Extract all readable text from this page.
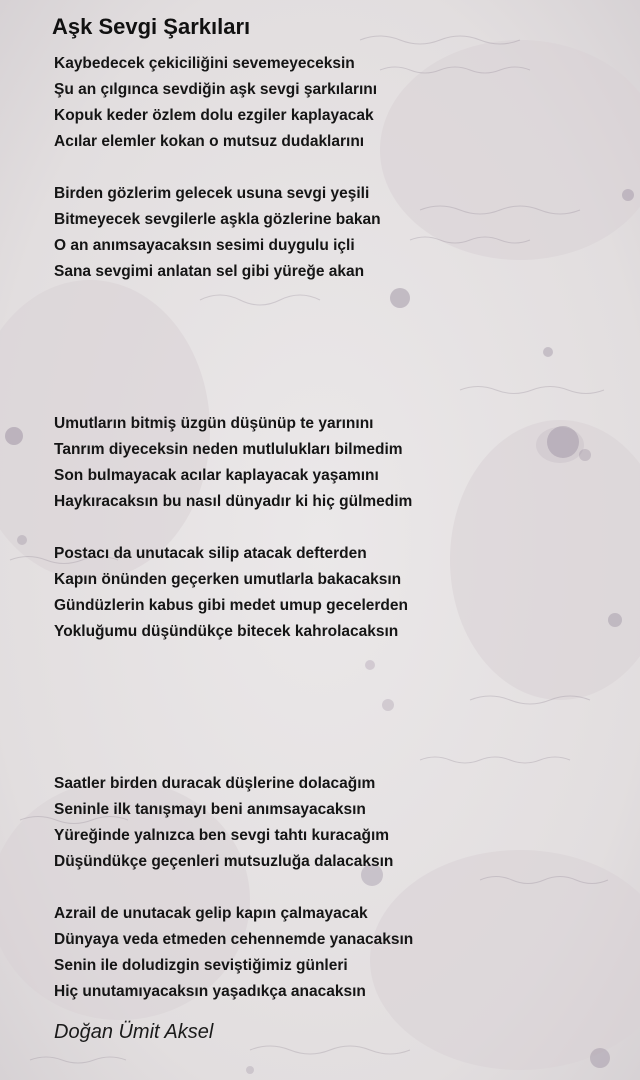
Aşk Sevgi Şarkıları
Kaybedecek çekiciliğini sevemeyeceksin
Şu an çılgınca sevdiğin aşk sevgi şarkılarını
Kopuk keder özlem dolu ezgiler kaplayacak
Acılar elemler kokan o mutsuz dudaklarını
Birden gözlerim gelecek usuna sevgi yeşili
Bitmeyecek sevgilerle aşkla gözlerine bakan
O an anımsayacaksın sesimi duygulu içli
Sana sevgimi anlatan sel gibi yüreğe akan
Umutların bitmiş üzgün düşünüp te yarınını
Tanrım diyeceksin neden mutlulukları bilmedim
Son bulmayacak acılar kaplayacak yaşamını
Haykıracaksın bu nasıl dünyadır ki hiç gülmedim
Postacı da unutacak silip atacak defterden
Kapın önünden geçerken umutlarla bakacaksın
Gündüzlerin kabus gibi medet umup gecelerden
Yokluğumu düşündükçe bitecek kahrolacaksın
Saatler birden duracak düşlerine dolacağım
Seninle ilk tanışmayı beni anımsayacaksın
Yüreğinde yalnızca ben sevgi tahtı kuracağım
Düşündükçe geçenleri mutsuzluğa dalacaksın
Azrail de unutacak gelip kapın çalmayacak
Dünyaya veda etmeden cehennemde yanacaksın
Senin ile doludizgin seviştiğimiz günleri
Hiç unutamıyacaksın yaşadıkça anacaksın
Doğan Ümit Aksel
